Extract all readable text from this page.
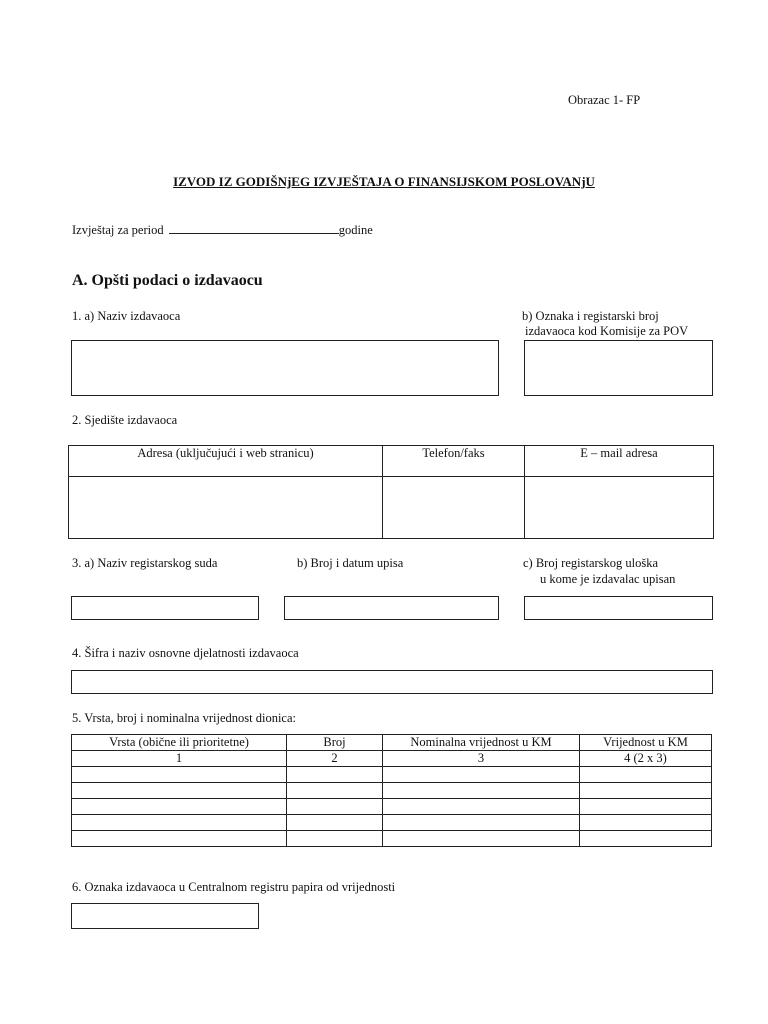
Obrazac 1- FP
IZVOD IZ GODIŠNjEG IZVJEŠTAJA O FINANSIJSKOM POSLOVANjU
Izvještaj za period	godine
A. Opšti podaci o izdavaocu
1. a) Naziv izdavaoca	b) Oznaka i registarski broj
izdavaoca kod Komisije za POV
2. Sjedište izdavaoca
Adresa (uključujući i web stranicu)	Telefon/faks	E – mail adresa

3. a) Naziv registarskog suda	b) Broj i datum upisa	c) Broj registarskog uloška
u kome je izdavalac upisan
4. Šifra i naziv osnovne djelatnosti izdavaoca
5. Vrsta, broj i nominalna vrijednost dionica:
Vrsta (obične ili prioritetne)	Broj	Nominalna vrijednost u KM	Vrijednost u KM
1	2	3	4 (2 x 3)

6. Oznaka izdavaoca u Centralnom registru papira od vrijednosti
